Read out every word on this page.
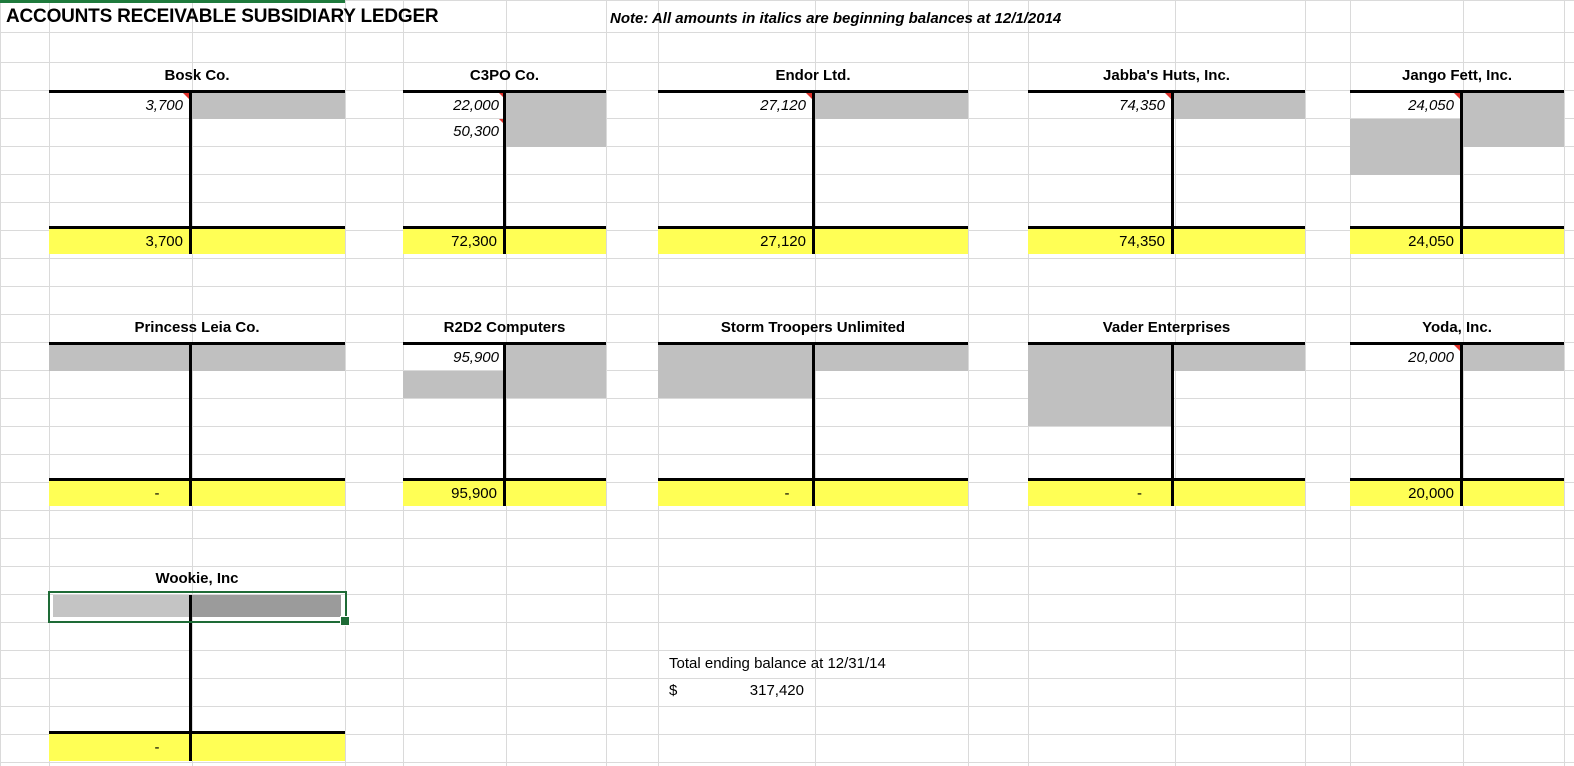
ACCOUNTS RECEIVABLE SUBSIDIARY LEDGER	Note: All amounts in italics are beginning balances at 12/1/2014
Bosk Co.
3,700
3,700
C3PO Co.
22,000
50,300
72,300
Endor Ltd.
27,120
27,120
Jabba's Huts, Inc.
74,350
74,350
Jango Fett, Inc.
24,050
24,050
Princess Leia Co.
-
R2D2 Computers
95,900
95,900
Storm Troopers Unlimited
-
Vader Enterprises
-
Yoda, Inc.
20,000
20,000
Wookie, Inc
-
Total ending balance at 12/31/14
$	317,420
